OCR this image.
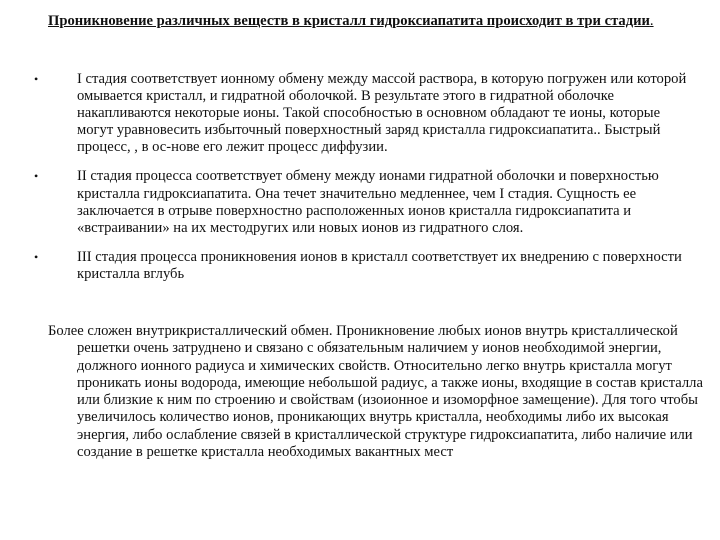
Проникновение различных веществ в кристалл гидроксиапатита происходит в три стадии.
•	I стадия соответствует ионному обмену между массой раствора, в которую погружен или которой омывается кристалл, и гидратной оболочкой. В результате этого в гидратной оболочке накапливаются некоторые ионы. Такой способностью в основном обладают те ионы, которые могут уравновесить избыточный поверхностный заряд кристалла гидроксиапатита.. Быстрый процесс, , в ос-нове его лежит процесс диффузии.
•	II стадия процесса соответствует обмену между ионами гидратной оболочки и поверхностью кристалла гидроксиапатита. Она течет значительно медленнее, чем I стадия. Сущность ее заключается в отрыве поверхностно расположенных ионов кристалла гидроксиапатита и «встраивании» на их местодругих или новых ионов из гидратного слоя.
•	III стадия процесса проникновения ионов в кристалл соответствует их внедрению с поверхности кристалла вглубь

Более сложен внутрикристаллический обмен. Проникновение любых ионов внутрь кристаллической решетки очень затруднено и связано с обязательным наличием у ионов необходимой энергии, должного ионного радиуса и химических свойств. Относительно легко внутрь кристалла могут проникать ионы водорода, имеющие небольшой радиус, а также ионы, входящие в состав кристалла или близкие к ним по строению и свойствам (изоионное и изоморфное замещение). Для того чтобы увеличилось количество ионов, проникающих внутрь кристалла, необходимы либо их высокая энергия, либо ослабление связей в кристаллической структуре гидроксиапатита, либо наличие или создание в решетке кристалла необходимых вакантных мест
